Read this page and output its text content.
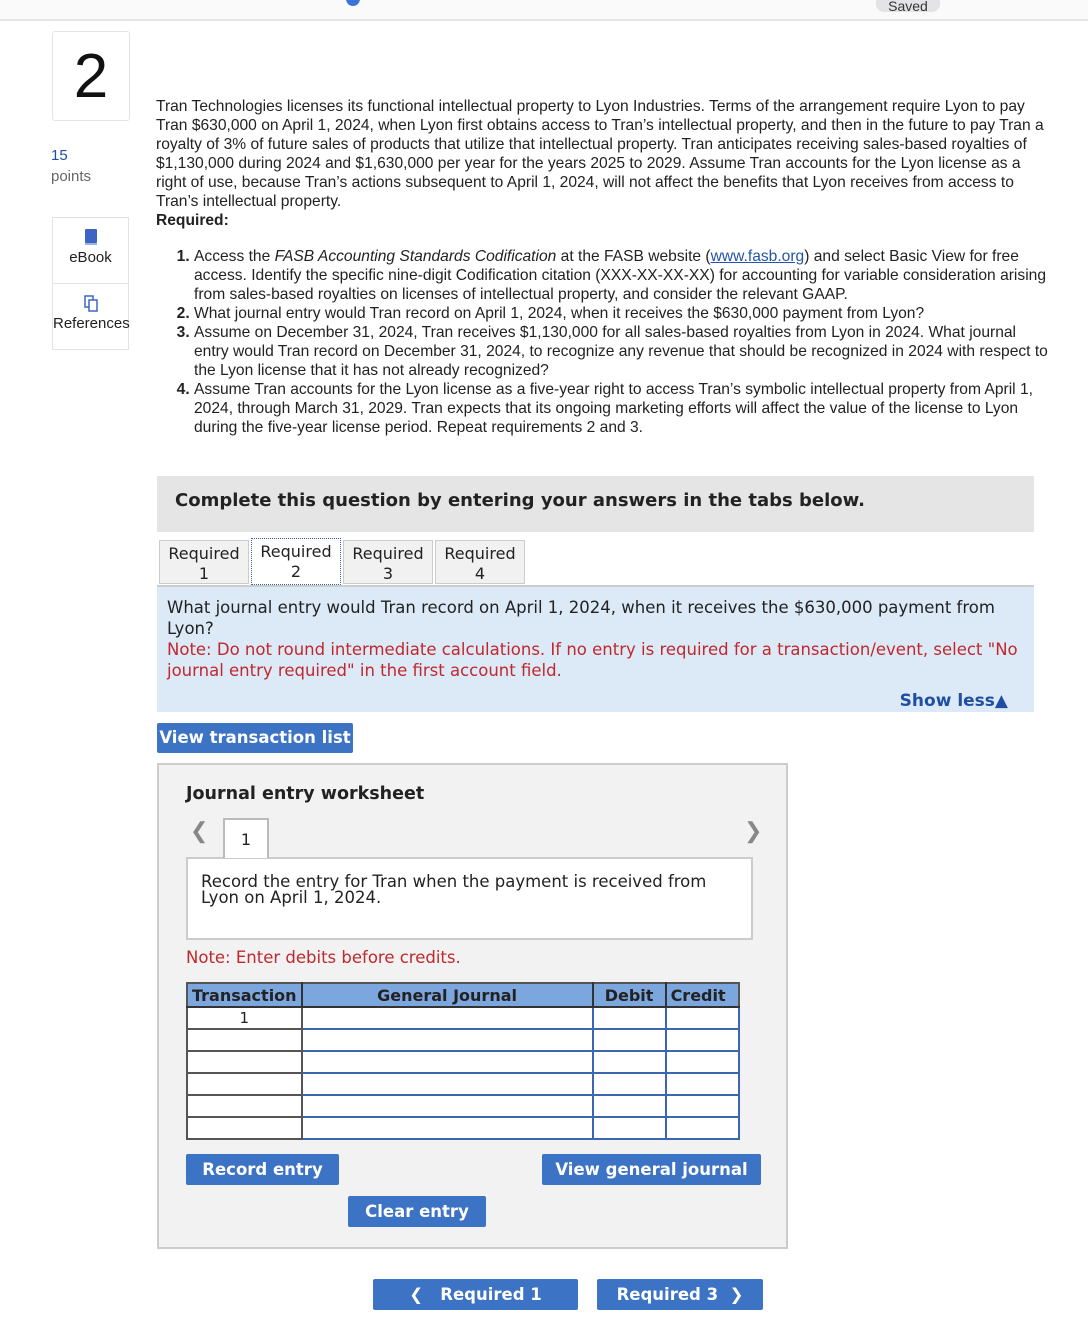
Saved
2
15
points
eBook
References

Tran Technologies licenses its functional intellectual property to Lyon Industries. Terms of the arrangement require Lyon to pay Tran $630,000 on April 1, 2024, when Lyon first obtains access to Tran’s intellectual property, and then in the future to pay Tran a royalty of 3% of future sales of products that utilize that intellectual property. Tran anticipates receiving sales-based royalties of $1,130,000 during 2024 and $1,630,000 per year for the years 2025 to 2029. Assume Tran accounts for the Lyon license as a right of use, because Tran’s actions subsequent to April 1, 2024, will not affect the benefits that Lyon receives from access to Tran’s intellectual property.

Required:

1. Access the FASB Accounting Standards Codification at the FASB website (www.fasb.org) and select Basic View for free access. Identify the specific nine-digit Codification citation (XXX-XX-XX-XX) for accounting for variable consideration arising from sales-based royalties on licenses of intellectual property, and consider the relevant GAAP.
2. What journal entry would Tran record on April 1, 2024, when it receives the $630,000 payment from Lyon?
3. Assume on December 31, 2024, Tran receives $1,130,000 for all sales-based royalties from Lyon in 2024. What journal entry would Tran record on December 31, 2024, to recognize any revenue that should be recognized in 2024 with respect to the Lyon license that it has not already recognized?
4. Assume Tran accounts for the Lyon license as a five-year right to access Tran’s symbolic intellectual property from April 1, 2024, through March 31, 2029. Tran expects that its ongoing marketing efforts will affect the value of the license to Lyon during the five-year license period. Repeat requirements 2 and 3.
Complete this question by entering your answers in the tabs below.
Required
1
Required
2
Required
3
Required
4
What journal entry would Tran record on April 1, 2024, when it receives the $630,000 payment from Lyon?
Note: Do not round intermediate calculations. If no entry is required for a transaction/event, select "No journal entry required" in the first account field.
Show less▲
View transaction list
Journal entry worksheet
❮	1	❯
Record the entry for Tran when the payment is received from Lyon on April 1, 2024.
Note: Enter debits before credits.
Transaction	General Journal	Debit	Credit
1			

Record entry	View general journal
Clear entry
❮   Required 1	Required 3  ❯
